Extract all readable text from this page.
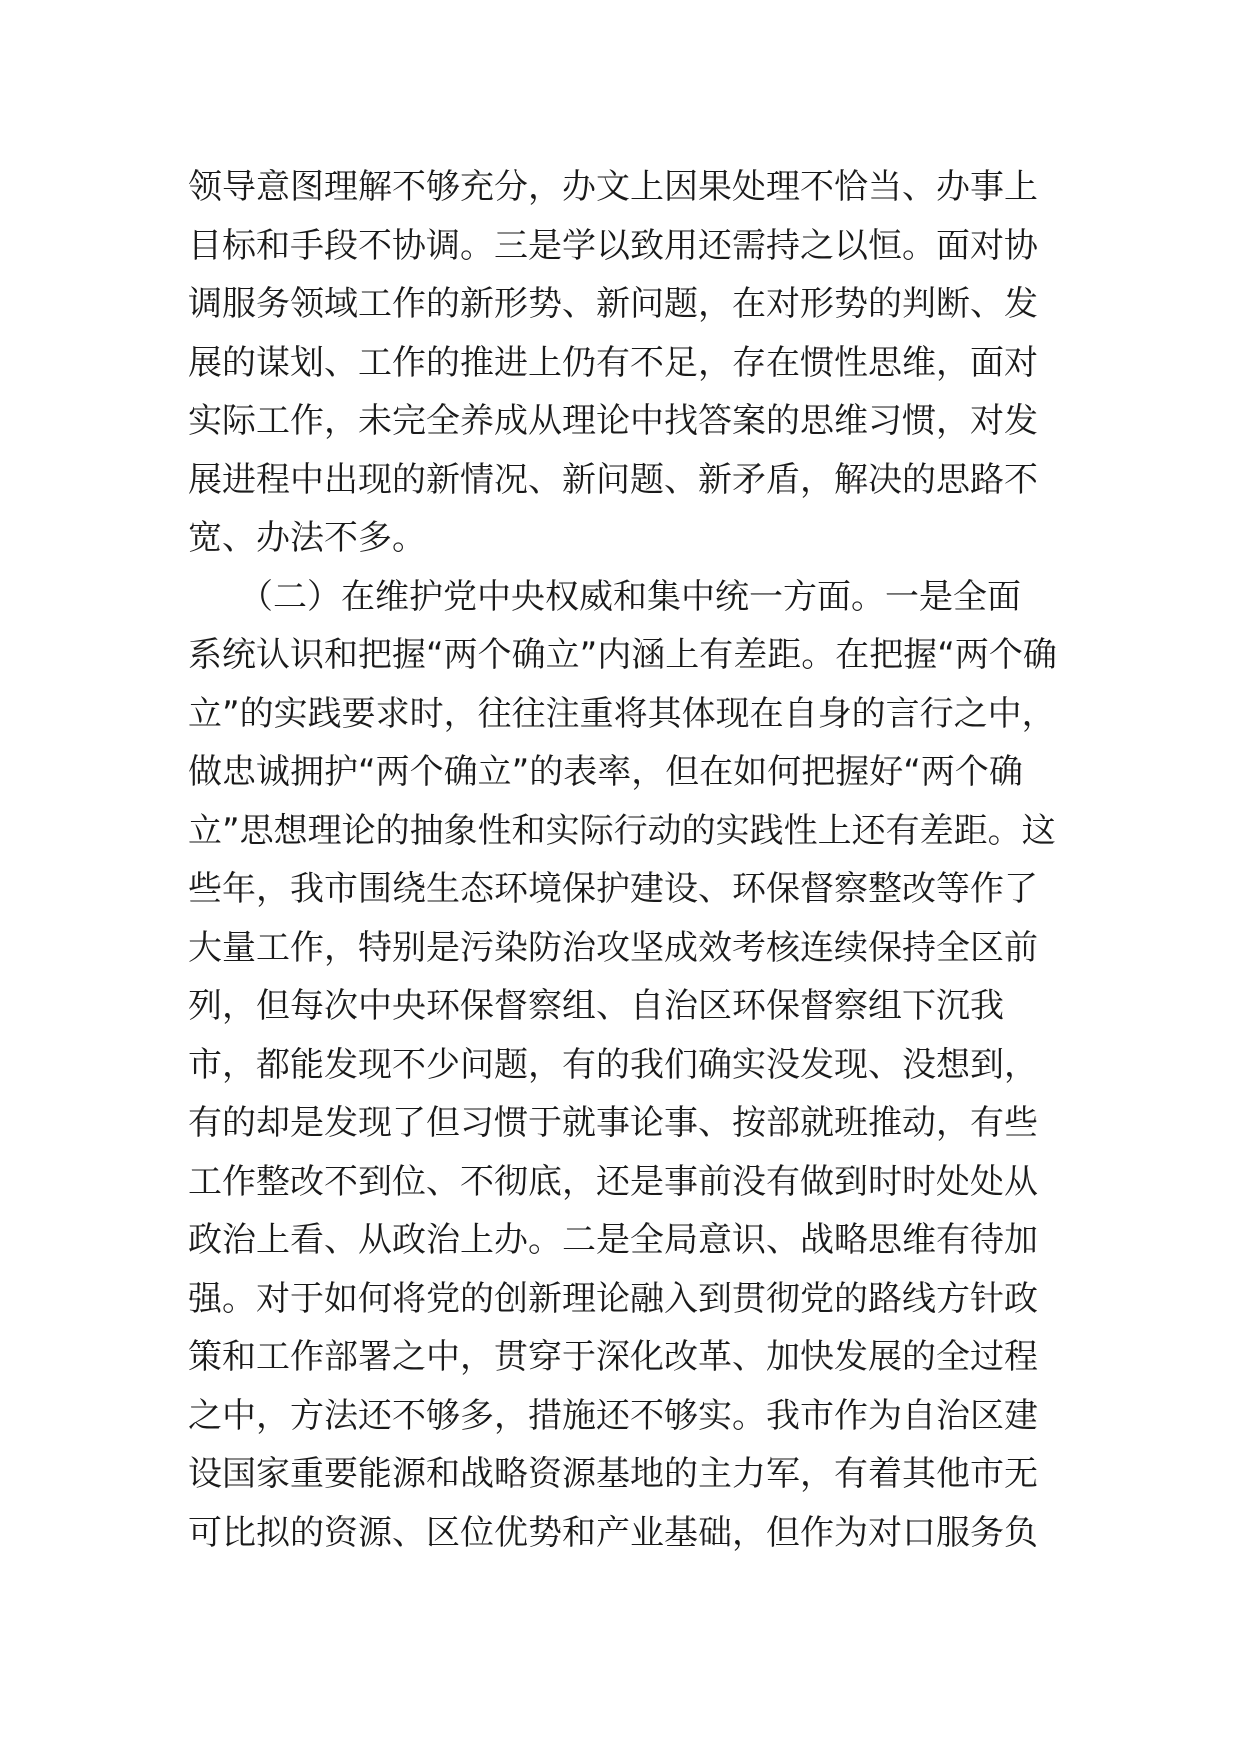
领导意图理解不够充分，办文上因果处理不恰当、办事上
目标和手段不协调。三是学以致用还需持之以恒。面对协
调服务领域工作的新形势、新问题，在对形势的判断、发
展的谋划、工作的推进上仍有不足，存在惯性思维，面对
实际工作，未完全养成从理论中找答案的思维习惯，对发
展进程中出现的新情况、新问题、新矛盾，解决的思路不
宽、办法不多。
　　（二）在维护党中央权威和集中统一方面。一是全面
系统认识和把握“两个确立”内涵上有差距。在把握“两个确
立”的实践要求时，往往注重将其体现在自身的言行之中，
做忠诚拥护“两个确立”的表率，但在如何把握好“两个确
立”思想理论的抽象性和实际行动的实践性上还有差距。这
些年，我市围绕生态环境保护建设、环保督察整改等作了
大量工作，特别是污染防治攻坚成效考核连续保持全区前
列，但每次中央环保督察组、自治区环保督察组下沉我
市，都能发现不少问题，有的我们确实没发现、没想到，
有的却是发现了但习惯于就事论事、按部就班推动，有些
工作整改不到位、不彻底，还是事前没有做到时时处处从
政治上看、从政治上办。二是全局意识、战略思维有待加
强。对于如何将党的创新理论融入到贯彻党的路线方针政
策和工作部署之中，贯穿于深化改革、加快发展的全过程
之中，方法还不够多，措施还不够实。我市作为自治区建
设国家重要能源和战略资源基地的主力军，有着其他市无
可比拟的资源、区位优势和产业基础，但作为对口服务负
